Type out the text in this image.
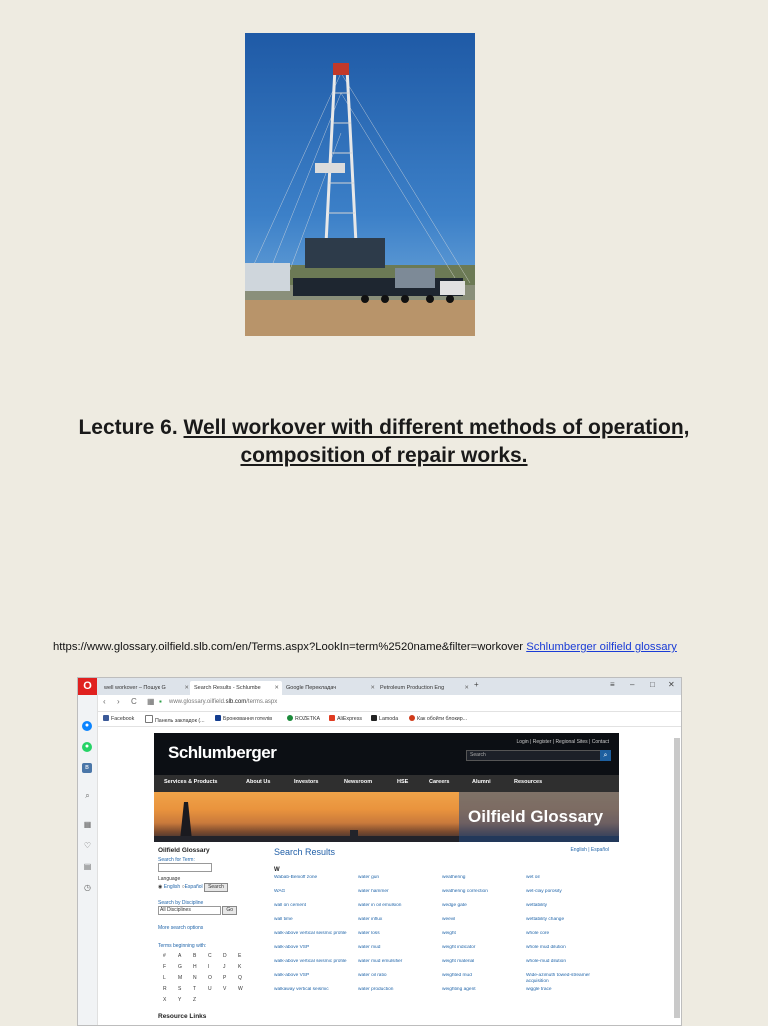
Lecture 6. Well workover with different methods of operation,
composition of repair works.
https://www.glossary.oilfield.slb.com/en/Terms.aspx?LookIn=term%2520name&filter=workover Schlumberger oilfield glossary
O	well workover – Пошук G	✕ Search Results - Schlumbe	✕	Google Перекладач	✕ Petroleum Production Eng	✕ +	≡ – □ ✕
‹ › C ▦ ▪ www.glossary.oilfield.slb.com/terms.aspx
Facebook	Панель закладок (...	Бронювання готелів	ROZETKA	AliExpress	Lamoda	Как обойти блокир...
●
●
в
⌕
▦
♡
▤
◷
Schlumberger
Login | Register | Regional Sites | Contact
Search	⌕
Services & Products	About Us	Investors	Newsroom	HSE	Careers	Alumni	Resources
Oilfield Glossary
Oilfield Glossary
Search for Term:
Language
◉ English ○Español Search
Search by Discipline
All Disciplines	Go
More search options
Terms beginning with:
#	A	B	C	D	E
F	G	H	I	J	K
L	M	N	O	P	Q
R	S	T	U	V	W
X	Y	Z
Resource Links
Search Results	English | Español
W
Wabab-Benioff zone	water gun	weathering	wet oil
WAG	water hammer	weathering correction	wet-clay porosity
wall on cement	water in oil emulsion	wedge gate	wettability
wall time	water influx	weevil	wettability change
walk-above vertical seismic profile	water loss	weight	whole core
walk-above VSP	water mud	weight indicator	whole mud dilution
walk-above vertical seismic profile	water mud emulsifier	weight material	whole-mud dilution
walk-above VSP	water oil ratio	weighted mud	Wide-azimuth towed-streamer acquisition
walkaway vertical seismic	water production	weighting agent	wiggle trace
